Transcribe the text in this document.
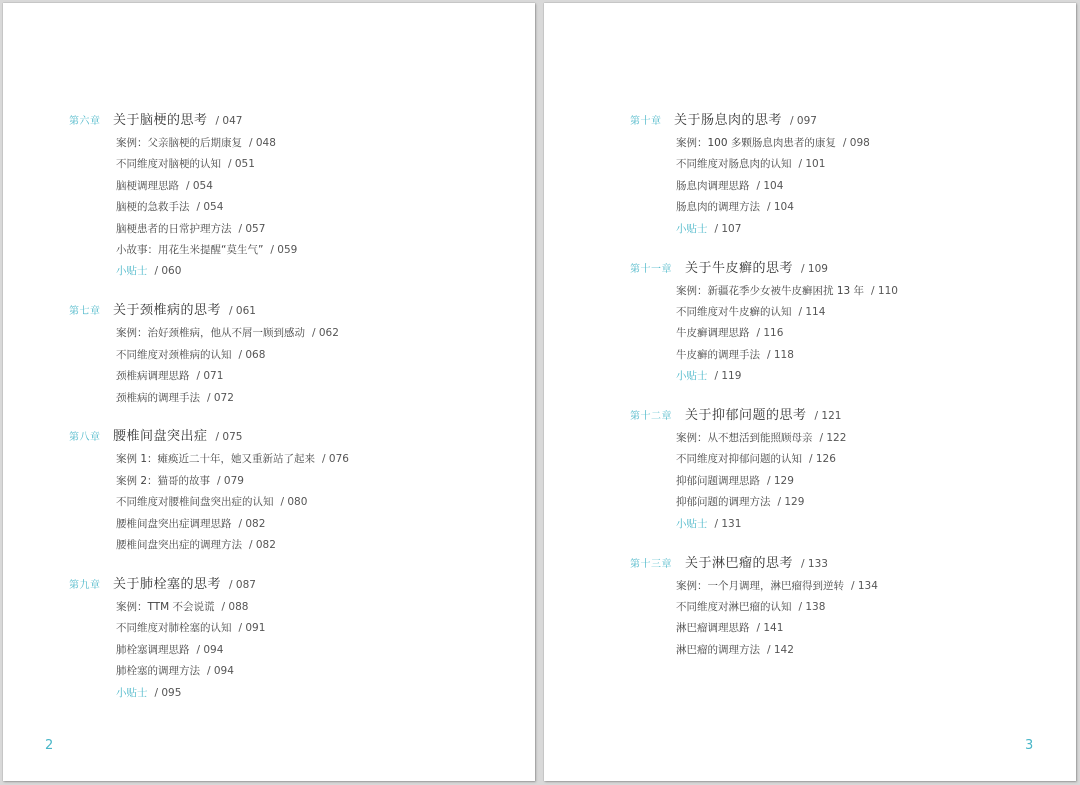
第六章 关于脑梗的思考 / 047
案例：父亲脑梗的后期康复 / 048
不同维度对脑梗的认知 / 051
脑梗调理思路 / 054
脑梗的急救手法 / 054
脑梗患者的日常护理方法 / 057
小故事：用花生米提醒“莫生气” / 059
小贴士 / 060
第七章 关于颈椎病的思考 / 061
案例：治好颈椎病，他从不屑一顾到感动 / 062
不同维度对颈椎病的认知 / 068
颈椎病调理思路 / 071
颈椎病的调理手法 / 072
第八章 腰椎间盘突出症 / 075
案例 1：瘫痪近二十年，她又重新站了起来 / 076
案例 2：猫哥的故事 / 079
不同维度对腰椎间盘突出症的认知 / 080
腰椎间盘突出症调理思路 / 082
腰椎间盘突出症的调理方法 / 082
第九章 关于肺栓塞的思考 / 087
案例：TTM 不会说谎 / 088
不同维度对肺栓塞的认知 / 091
肺栓塞调理思路 / 094
肺栓塞的调理方法 / 094
小贴士 / 095
2
第十章 关于肠息肉的思考 / 097
案例：100 多颗肠息肉患者的康复 / 098
不同维度对肠息肉的认知 / 101
肠息肉调理思路 / 104
肠息肉的调理方法 / 104
小贴士 / 107
第十一章 关于牛皮癣的思考 / 109
案例：新疆花季少女被牛皮癣困扰 13 年 / 110
不同维度对牛皮癣的认知 / 114
牛皮癣调理思路 / 116
牛皮癣的调理手法 / 118
小贴士 / 119
第十二章 关于抑郁问题的思考 / 121
案例：从不想活到能照顾母亲 / 122
不同维度对抑郁问题的认知 / 126
抑郁问题调理思路 / 129
抑郁问题的调理方法 / 129
小贴士 / 131
第十三章 关于淋巴瘤的思考 / 133
案例：一个月调理，淋巴瘤得到逆转 / 134
不同维度对淋巴瘤的认知 / 138
淋巴瘤调理思路 / 141
淋巴瘤的调理方法 / 142
3
